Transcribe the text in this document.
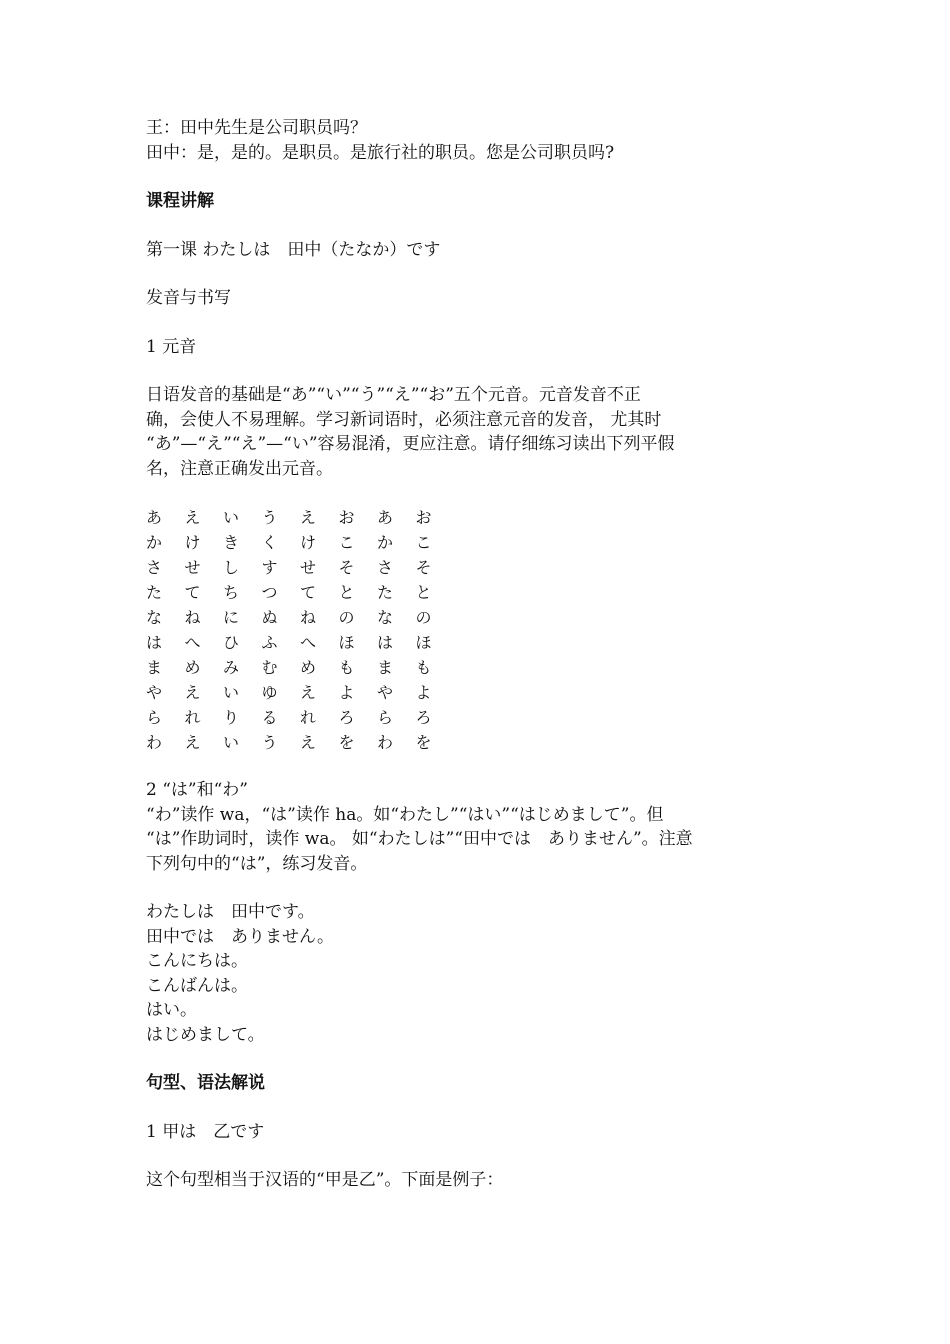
王：田中先生是公司职员吗？
田中：是，是的。是职员。是旅行社的职员。您是公司职员吗?
课程讲解
第一课 わたしは　田中（たなか）です
发音与书写
1 元音
日语发音的基础是“あ”“い”“う”“え”“お”五个元音。元音发音不正
确，会使人不易理解。学习新词语时，必须注意元音的发音， 尤其时
“あ”—“え”“え”—“い”容易混淆，更应注意。请仔细练习读出下列平假
名，注意正确发出元音。
あ	え	い	う	え	お	あ	お
か	け	き	く	け	こ	か	こ
さ	せ	し	す	せ	そ	さ	そ
た	て	ち	つ	て	と	た	と
な	ね	に	ぬ	ね	の	な	の
は	へ	ひ	ふ	へ	ほ	は	ほ
ま	め	み	む	め	も	ま	も
や	え	い	ゆ	え	よ	や	よ
ら	れ	り	る	れ	ろ	ら	ろ
わ	え	い	う	え	を	わ	を
2 “は”和“わ”
“わ”读作 wa，“は”读作 ha。如“わたし”“はい”“はじめまして”。但
“は”作助词时，读作 wa。 如“わたしは”“田中では　ありません”。注意
下列句中的“は”，练习发音。
わたしは　田中です。
田中では　ありません。
こんにちは。
こんばんは。
はい。
はじめまして。
句型、语法解说
1 甲は　乙です
这个句型相当于汉语的“甲是乙”。下面是例子：
